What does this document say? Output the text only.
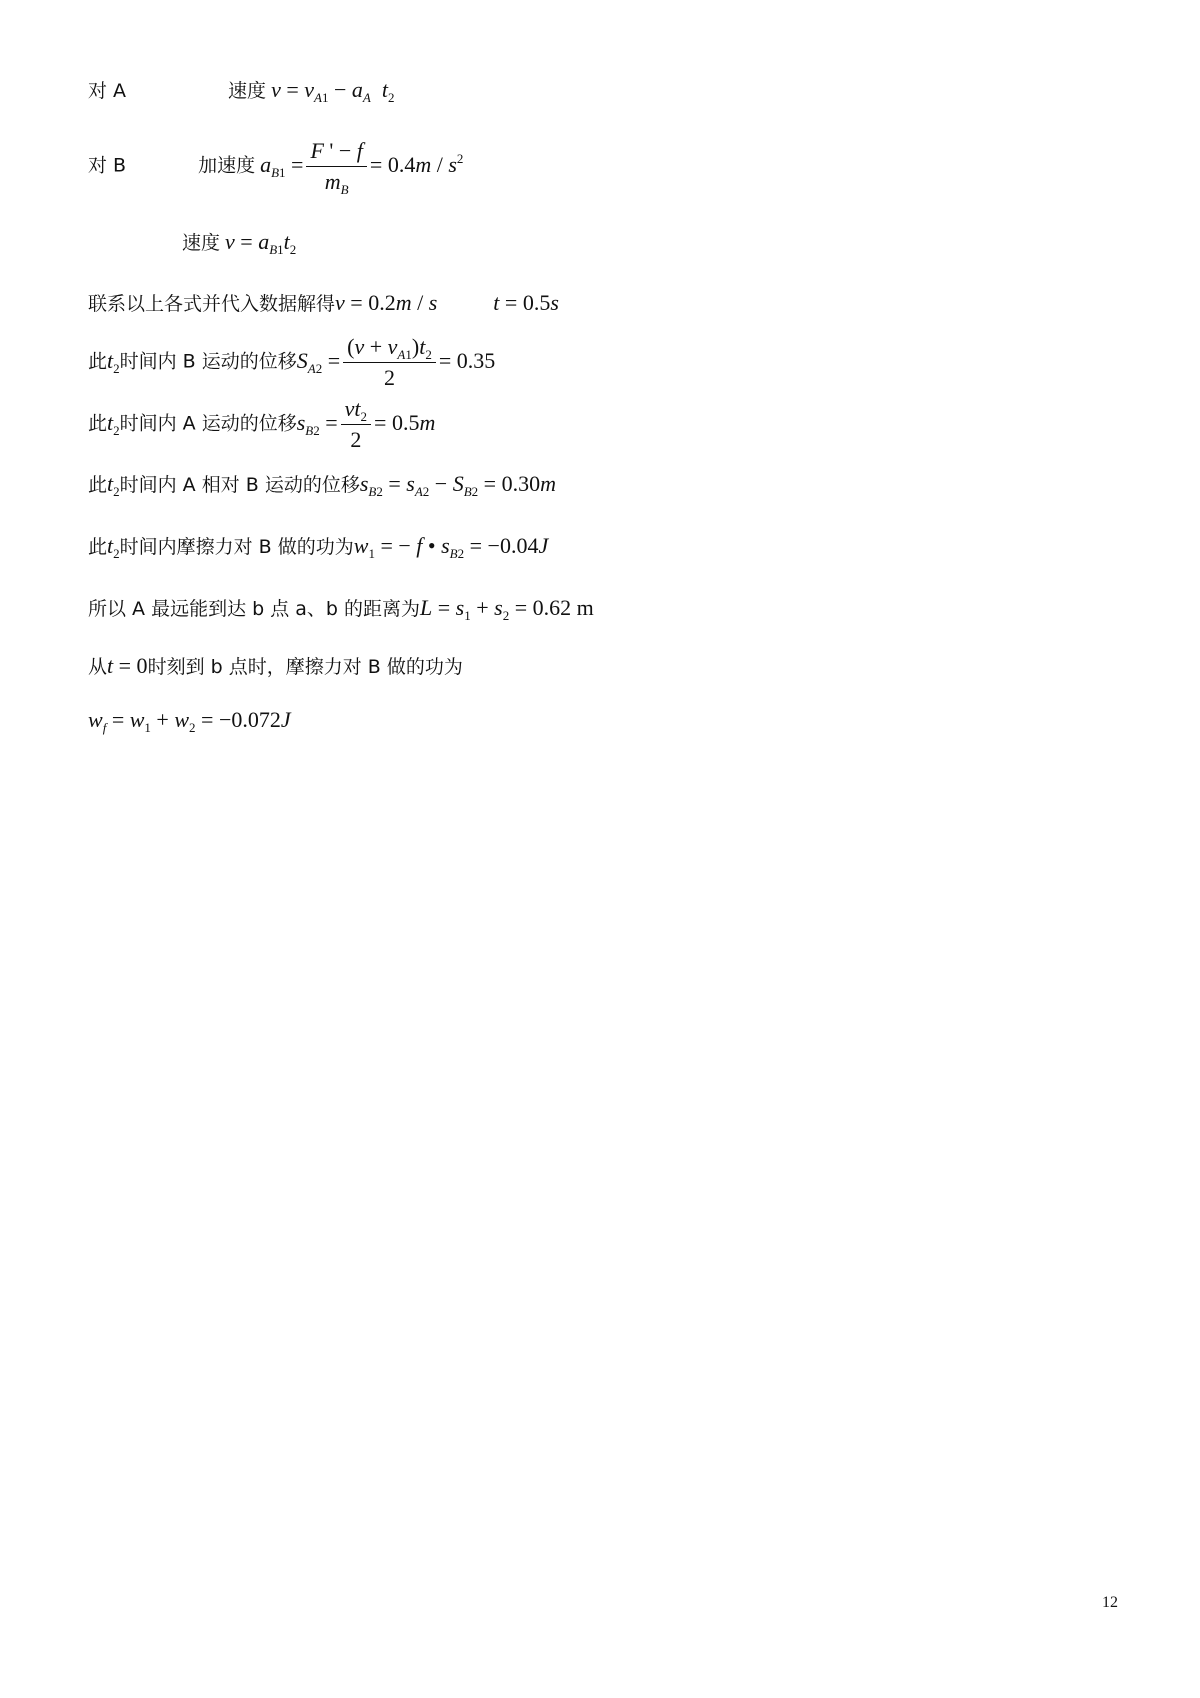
对 A	速度 $v = v_{A1} - a_A$ $t_2$
对 B	加速度 $a_{B1} = \frac{F ' - f}{m_B} = 0.4m / s^2$
速度 $v = a_{B1}t_2$
联系以上各式并代入数据解得v = 0.2m / s	t = 0.5s
此$t_2$时间内 B 运动的位移$S_{A2} = \frac{(v + v_{A1})t_2}{2} = 0.35$
此$t_2$时间内 A 运动的位移$s_{B2} = \frac{vt_2}{2} = 0.5m$
此$t_2$时间内 A 相对 B 运动的位移$s_{B2} = s_{A2} - S_{B2} = 0.30m$
此$t_2$时间内摩擦力对 B 做的功为$w_1$ = − f • $s_{B2} = -0.04J$
所以 A 最远能到达 b 点 a、b 的距离为$L = s_1 + s_2 = 0.62$ m
从t = 0时刻到 b 点时，摩擦力对 B 做的功为
$w_f = w_1 + w_2 = -0.072J$
12
